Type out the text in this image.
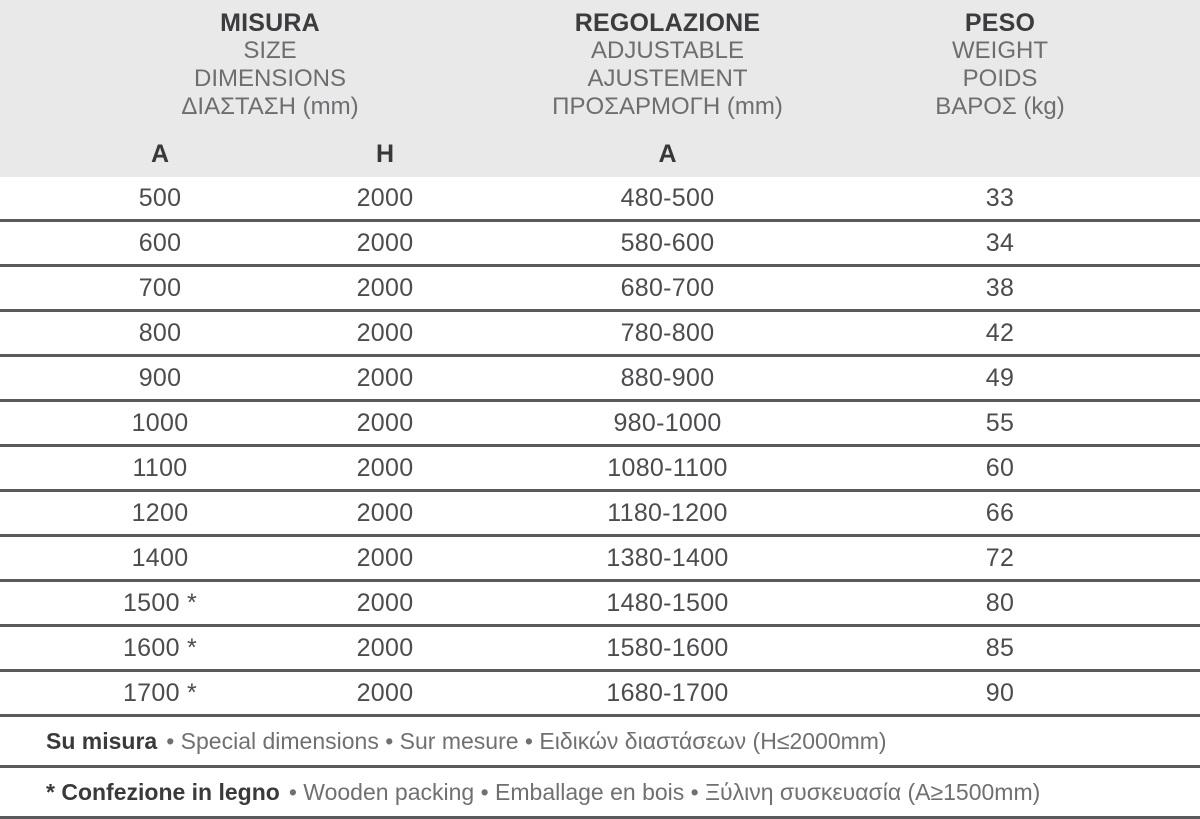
MISURA
SIZE
DIMENSIONS
ΔΙΑΣΤΑΣΗ (mm)
REGOLAZIONE
ADJUSTABLE
AJUSTEMENT
ΠΡΟΣΑΡΜΟΓΗ (mm)
PESO
WEIGHT
POIDS
ΒΑΡΟΣ (kg)
A	H	A
500	2000	480-500	33
600	2000	580-600	34
700	2000	680-700	38
800	2000	780-800	42
900	2000	880-900	49
1000	2000	980-1000	55
1100	2000	1080-1100	60
1200	2000	1180-1200	66
1400	2000	1380-1400	72
1500 *	2000	1480-1500	80
1600 *	2000	1580-1600	85
1700 *	2000	1680-1700	90
Su misura • Special dimensions • Sur mesure • Ειδικών διαστάσεων (H≤2000mm)
* Confezione in legno • Wooden packing • Emballage en bois • Ξύλινη συσκευασία (A≥1500mm)
